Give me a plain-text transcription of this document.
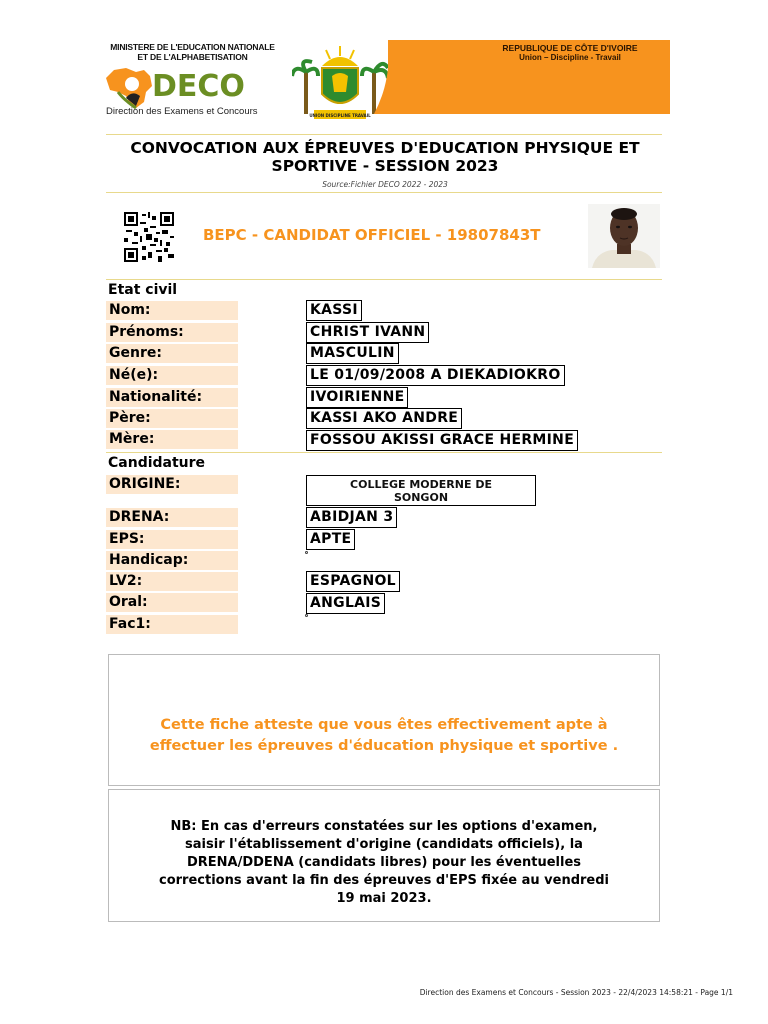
MINISTERE DE L'EDUCATION NATIONALE
ET DE L'ALPHABETISATION
DECO
Direction des Examens et Concours	UNION DISCIPLINE TRAVAIL
REPUBLIQUE DE CÔTE D'IVOIRE
Union – Discipline - Travail
CONVOCATION AUX ÉPREUVES D'EDUCATION PHYSIQUE ET
SPORTIVE - SESSION 2023
Source:Fichier DECO 2022 - 2023
BEPC - CANDIDAT OFFICIEL - 19807843T
Etat civil
Nom:	KASSI
Prénoms:	CHRIST IVANN
Genre:	MASCULIN
Né(e):	LE 01/09/2008 A DIEKADIOKRO
Nationalité:	IVOIRIENNE
Père:	KASSI AKO ANDRE
Mère:	FOSSOU AKISSI GRACE HERMINE
Candidature
ORIGINE:	COLLEGE MODERNE DE
SONGON
DRENA:	ABIDJAN 3
EPS:	APTE
Handicap:
LV2:	ESPAGNOL
Oral:	ANGLAIS
Fac1:
Cette fiche atteste que vous êtes effectivement apte à
effectuer les épreuves d'éducation physique et sportive .
NB: En cas d'erreurs constatées sur les options d'examen,
saisir l'établissement d'origine (candidats officiels), la
DRENA/DDENA (candidats libres) pour les éventuelles
corrections avant la fin des épreuves d'EPS fixée au vendredi
19 mai 2023.
Direction des Examens et Concours - Session 2023 - 22/4/2023 14:58:21 - Page 1/1
